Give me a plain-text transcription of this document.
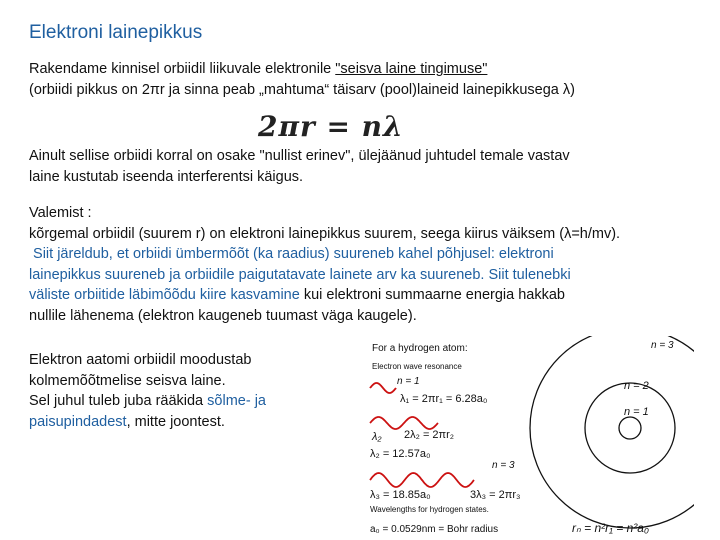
Elektroni lainepikkus
Rakendame kinnisel orbiidil liikuvale elektronile "seisva laine tingimuse"
(orbiidi pikkus on 2πr ja sinna peab „mahtuma“ täisarv (pool)laineid lainepikkusega λ)
2πr = nλ
Ainult sellise orbiidi korral on osake "nullist erinev", ülejäänud juhtudel temale vastav
laine kustutab iseenda interferentsi käigus.
Valemist :
kõrgemal orbiidil (suurem r) on elektroni lainepikkus suurem, seega kiirus väiksem (λ=h/mv).
Siit järeldub, et orbiidi ümbermõõt (ka raadius) suureneb kahel põhjusel: elektroni
lainepikkus suureneb ja orbiidile paigutatavate lainete arv ka suureneb. Siit tulenebki
väliste orbiitide läbimõõdu kiire kasvamine kui elektroni summaarne energia hakkab
nullile lähenema (elektron kaugeneb tuumast väga kaugele).
Elektron aatomi orbiidil moodustab
kolmemõõtmelise seisva laine.
Sel juhul tuleb juba rääkida sõlme- ja
paisupindadest, mitte joontest.
For a hydrogen atom:
Electron wave resonance
n = 1
λ₁ = 2πr₁ = 6.28a₀
λ₂ 2λ₂ = 2πr₂
λ₂ = 12.57a₀
n = 3
λ₃ = 18.85a₀	3λ₃ = 2πr₃
Wavelengths for hydrogen states.
a₀ = 0.0529nm = Bohr radius
n = 3
n = 2
n = 1
rₙ = n²r₁ = n²a₀
